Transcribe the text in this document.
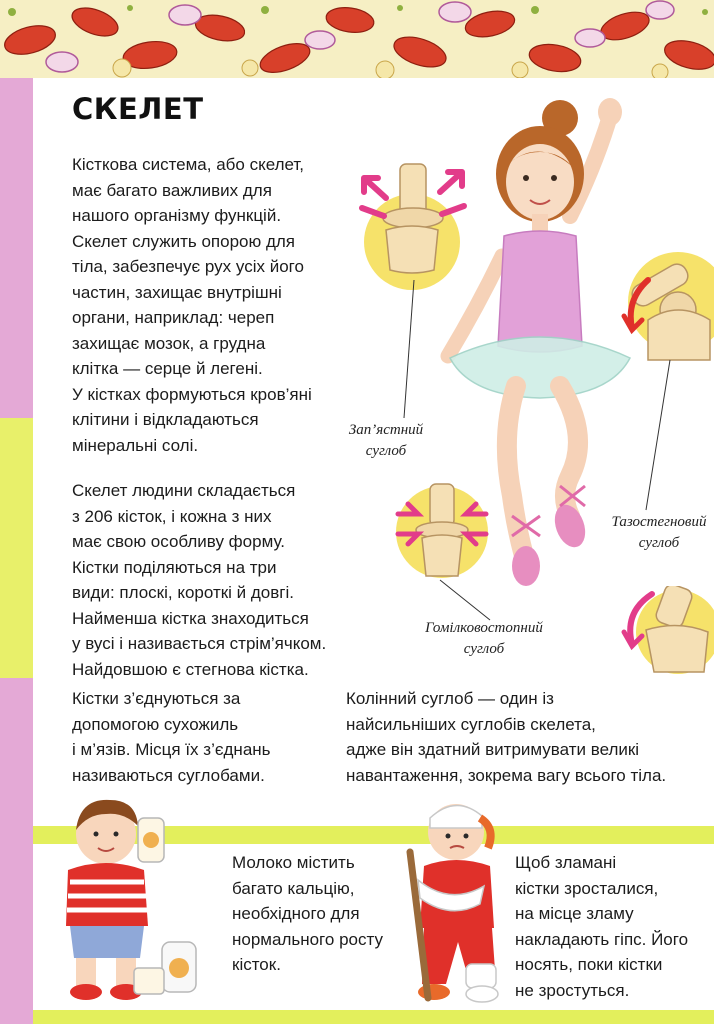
СКЕЛЕТ
Кісткова система, або скелет,
має багато важливих для
нашого організму функцій.
Скелет служить опорою для
тіла, забезпечує рух усіх його
частин, захищає внутрішні
органи, наприклад: череп
захищає мозок, а грудна
клітка — серце й легені.
У кістках формуються кров’яні
клітини і відкладаються
мінеральні солі.
Скелет людини складається
з 206 кісток, і кожна з них
має свою особливу форму.
Кістки поділяються на три
види: плоскі, короткі й довгі.
Найменша кістка знаходиться
у вусі і називається стрім’ячком.
Найдовшою є стегнова кістка.
Кістки з’єднуються за
допомогою сухожиль
і м’язів. Місця їх з’єднань
називаються суглобами.
Колінний суглоб — один із
найсильніших суглобів скелета,
адже він здатний витримувати великі
навантаження, зокрема вагу всього тіла.
Молоко містить
багато кальцію,
необхідного для
нормального росту
кісток.
Щоб зламані
кістки зросталися,
на місце зламу
накладають гіпс. Його
носять, поки кістки
не зростуться.
Зап’ястний
суглоб
Тазостегновий
суглоб
Гомілковостопний
суглоб
